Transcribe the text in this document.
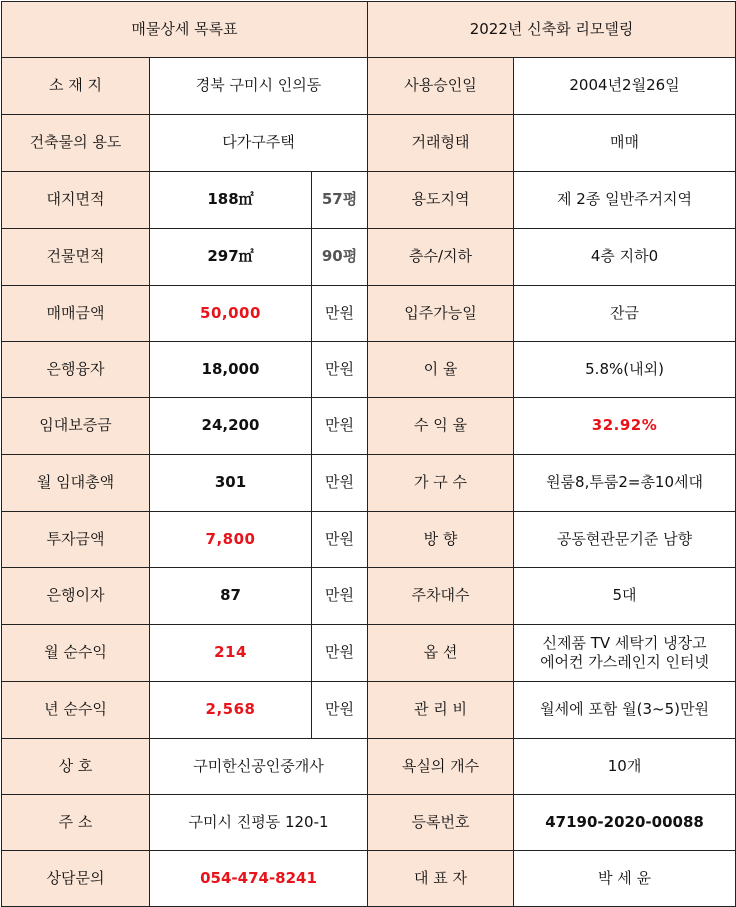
매물상세 목록표			2022년 신축화 리모델링	
소 재 지	경북 구미시 인의동		사용승인일	2004년2월26일
건축물의 용도	다가구주택		거래형태	매매
대지면적	188㎡	57평	용도지역	제 2종 일반주거지역
건물면적	297㎡	90평	층수/지하	4층 지하0
매매금액	50,000	만원	입주가능일	잔금
은행융자	18,000	만원	이 율	5.8%(내외)
임대보증금	24,200	만원	수 익 율	32.92%
월 임대총액	301	만원	가 구 수	원룸8,투룸2=총10세대
투자금액	7,800	만원	방 향	공동현관문기준 남향
은행이자	87	만원	주차대수	5대
월 순수익	214	만원	옵 션	신제품 TV 세탁기 냉장고
에어컨 가스레인지 인터넷

년 순수익	2,568	만원	관 리 비	월세에 포함 월(3~5)만원
상 호	구미한신공인중개사		욕실의 개수	10개
주 소	구미시 진평동 120-1		등록번호	47190-2020-00088
상담문의	054-474-8241		대 표 자	박 세 윤
